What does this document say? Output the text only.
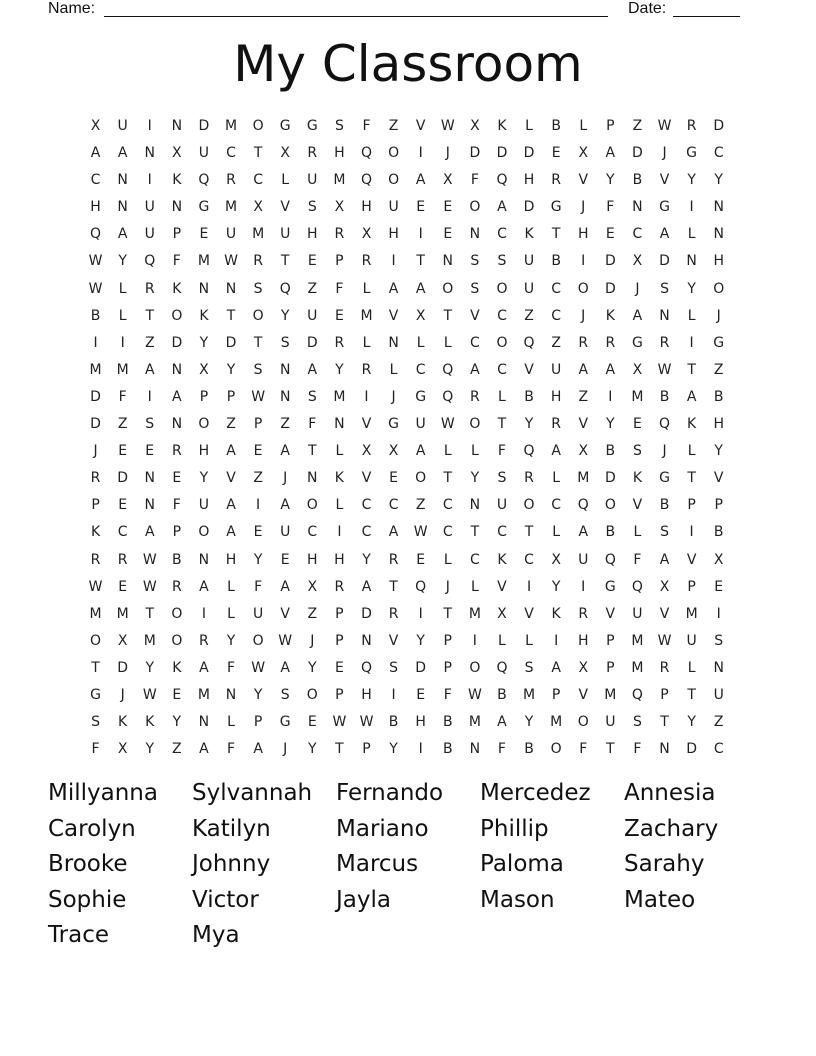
Name:	Date:
My Classroom
X	U	I	N	D	M	O	G	G	S	F	Z	V	W	X	K	L	B	L	P	Z	W	R	D
A	A	N	X	U	C	T	X	R	H	Q	O	I	J	D	D	D	E	X	A	D	J	G	C
C	N	I	K	Q	R	C	L	U	M	Q	O	A	X	F	Q	H	R	V	Y	B	V	Y	Y
H	N	U	N	G	M	X	V	S	X	H	U	E	E	O	A	D	G	J	F	N	G	I	N
Q	A	U	P	E	U	M	U	H	R	X	H	I	E	N	C	K	T	H	E	C	A	L	N
W	Y	Q	F	M	W	R	T	E	P	R	I	T	N	S	S	U	B	I	D	X	D	N	H
W	L	R	K	N	N	S	Q	Z	F	L	A	A	O	S	O	U	C	O	D	J	S	Y	O
B	L	T	O	K	T	O	Y	U	E	M	V	X	T	V	C	Z	C	J	K	A	N	L	J
I	I	Z	D	Y	D	T	S	D	R	L	N	L	L	C	O	Q	Z	R	R	G	R	I	G
M	M	A	N	X	Y	S	N	A	Y	R	L	C	Q	A	C	V	U	A	A	X	W	T	Z
D	F	I	A	P	P	W	N	S	M	I	J	G	Q	R	L	B	H	Z	I	M	B	A	B
D	Z	S	N	O	Z	P	Z	F	N	V	G	U	W	O	T	Y	R	V	Y	E	Q	K	H
J	E	E	R	H	A	E	A	T	L	X	X	A	L	L	F	Q	A	X	B	S	J	L	Y
R	D	N	E	Y	V	Z	J	N	K	V	E	O	T	Y	S	R	L	M	D	K	G	T	V
P	E	N	F	U	A	I	A	O	L	C	C	Z	C	N	U	O	C	Q	O	V	B	P	P
K	C	A	P	O	A	E	U	C	I	C	A	W	C	T	C	T	L	A	B	L	S	I	B
R	R	W	B	N	H	Y	E	H	H	Y	R	E	L	C	K	C	X	U	Q	F	A	V	X
W	E	W	R	A	L	F	A	X	R	A	T	Q	J	L	V	I	Y	I	G	Q	X	P	E
M	M	T	O	I	L	U	V	Z	P	D	R	I	T	M	X	V	K	R	V	U	V	M	I
O	X	M	O	R	Y	O	W	J	P	N	V	Y	P	I	L	L	I	H	P	M	W	U	S
T	D	Y	K	A	F	W	A	Y	E	Q	S	D	P	O	Q	S	A	X	P	M	R	L	N
G	J	W	E	M	N	Y	S	O	P	H	I	E	F	W	B	M	P	V	M	Q	P	T	U
S	K	K	Y	N	L	P	G	E	W W	B	H	B	M	A	Y	M	O	U	S	T	Y	Z
F	X	Y	Z	A	F	A	J	Y	T	P	Y	I	B	N	F	B	O	F	T	F	N	D	C
Millyanna Sylvannah Fernando Mercedez Annesia
Carolyn Katilyn	Mariano Phillip	Zachary
Brooke	Johnny	Marcus	Paloma	Sarahy
Sophie	Victor	Jayla	Mason	Mateo
Trace	Mya
